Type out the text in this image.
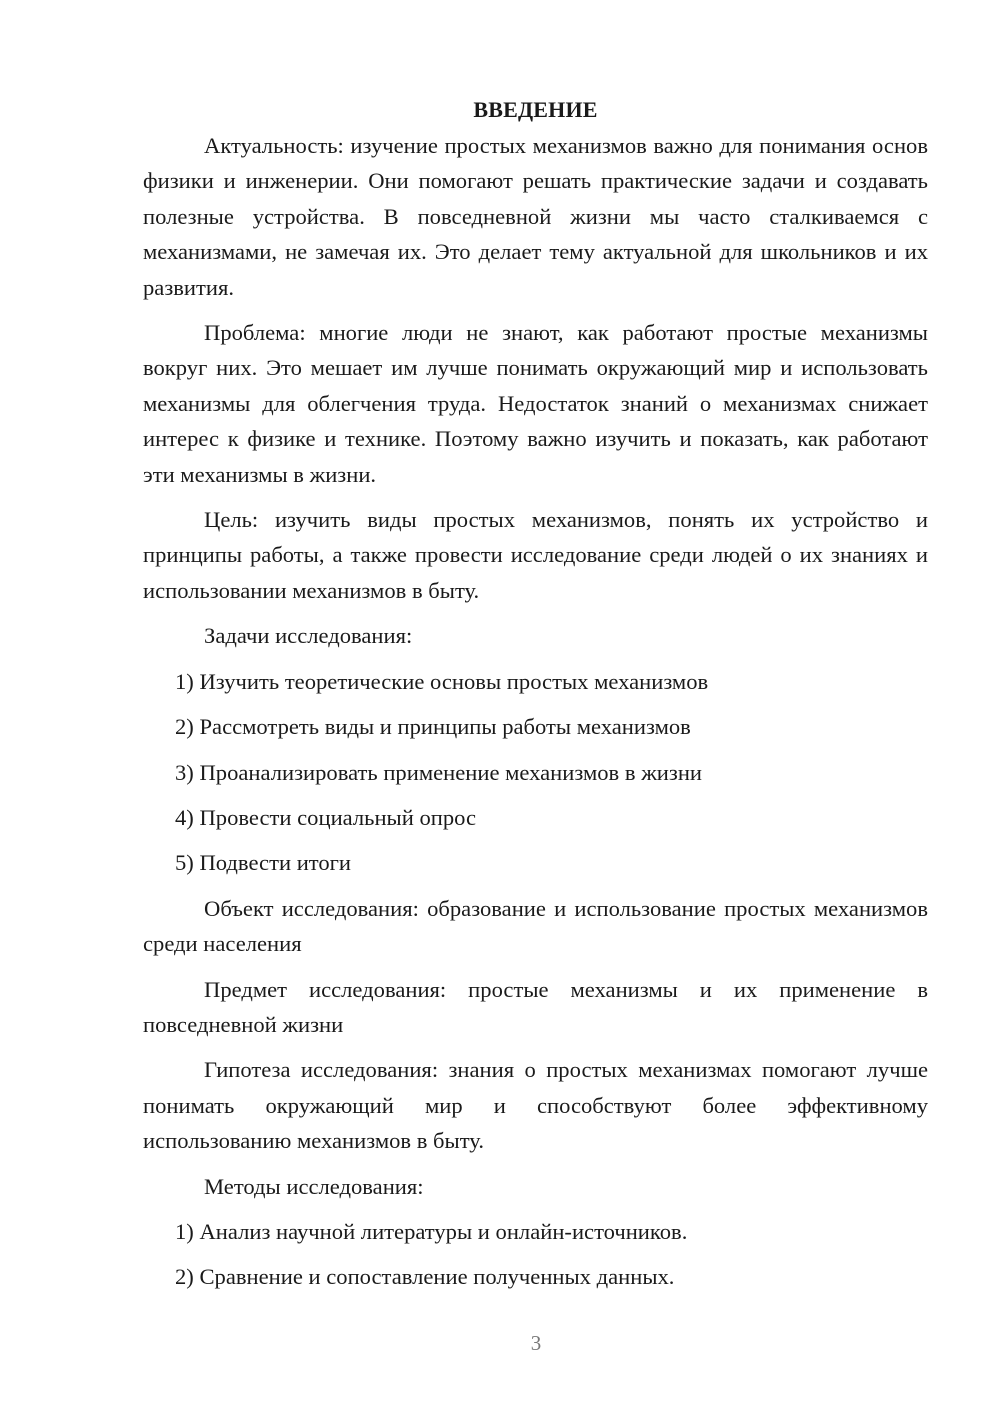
ВВЕДЕНИЕ

Актуальность: изучение простых механизмов важно для понимания основ физики и инженерии. Они помогают решать практические задачи и создавать полезные устройства. В повседневной жизни мы часто сталкиваемся с механизмами, не замечая их. Это делает тему актуальной для школьников и их развития.

Проблема: многие люди не знают, как работают простые механизмы вокруг них. Это мешает им лучше понимать окружающий мир и использовать механизмы для облегчения труда. Недостаток знаний о механизмах снижает интерес к физике и технике. Поэтому важно изучить и показать, как работают эти механизмы в жизни.

Цель: изучить виды простых механизмов, понять их устройство и принципы работы, а также провести исследование среди людей о их знаниях и использовании механизмов в быту.

Задачи исследования:

1) Изучить теоретические основы простых механизмов
2) Рассмотреть виды и принципы работы механизмов
3) Проанализировать применение механизмов в жизни
4) Провести социальный опрос
5) Подвести итоги

Объект исследования: образование и использование простых механизмов среди населения

Предмет исследования: простые механизмы и их применение в повседневной жизни

Гипотеза исследования: знания о простых механизмах помогают лучше понимать окружающий мир и способствуют более эффективному использованию механизмов в быту.

Методы исследования:

1) Анализ научной литературы и онлайн-источников.
2) Сравнение и сопоставление полученных данных.
3
